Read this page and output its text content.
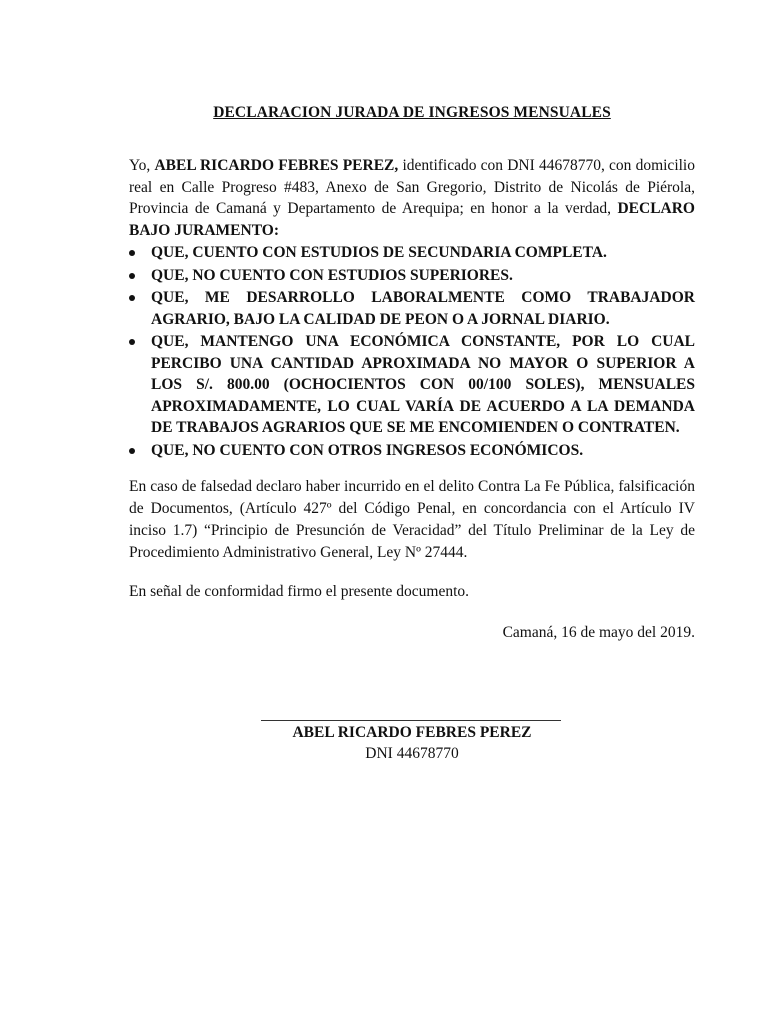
DECLARACION JURADA DE INGRESOS MENSUALES

Yo, ABEL RICARDO FEBRES PEREZ, identificado con DNI 44678770, con domicilio real en Calle Progreso #483, Anexo de San Gregorio, Distrito de Nicolás de Piérola, Provincia de Camaná y Departamento de Arequipa; en honor a la verdad, DECLARO BAJO JURAMENTO:

QUE, CUENTO CON ESTUDIOS DE SECUNDARIA COMPLETA.
QUE, NO CUENTO CON ESTUDIOS SUPERIORES.
QUE, ME DESARROLLO LABORALMENTE COMO TRABAJADOR AGRARIO, BAJO LA CALIDAD DE PEON O A JORNAL DIARIO.
QUE, MANTENGO UNA ECONÓMICA CONSTANTE, POR LO CUAL PERCIBO UNA CANTIDAD APROXIMADA NO MAYOR O SUPERIOR A LOS S/. 800.00 (OCHOCIENTOS CON 00/100 SOLES), MENSUALES APROXIMADAMENTE, LO CUAL VARÍA DE ACUERDO A LA DEMANDA DE TRABAJOS AGRARIOS QUE SE ME ENCOMIENDEN O CONTRATEN.
QUE, NO CUENTO CON OTROS INGRESOS ECONÓMICOS.

En caso de falsedad declaro haber incurrido en el delito Contra La Fe Pública, falsificación de Documentos, (Artículo 427º del Código Penal, en concordancia con el Artículo IV inciso 1.7) “Principio de Presunción de Veracidad” del Título Preliminar de la Ley de Procedimiento Administrativo General, Ley Nº 27444.

En señal de conformidad firmo el presente documento.

Camaná, 16 de mayo del 2019.

ABEL RICARDO FEBRES PEREZ
DNI 44678770
